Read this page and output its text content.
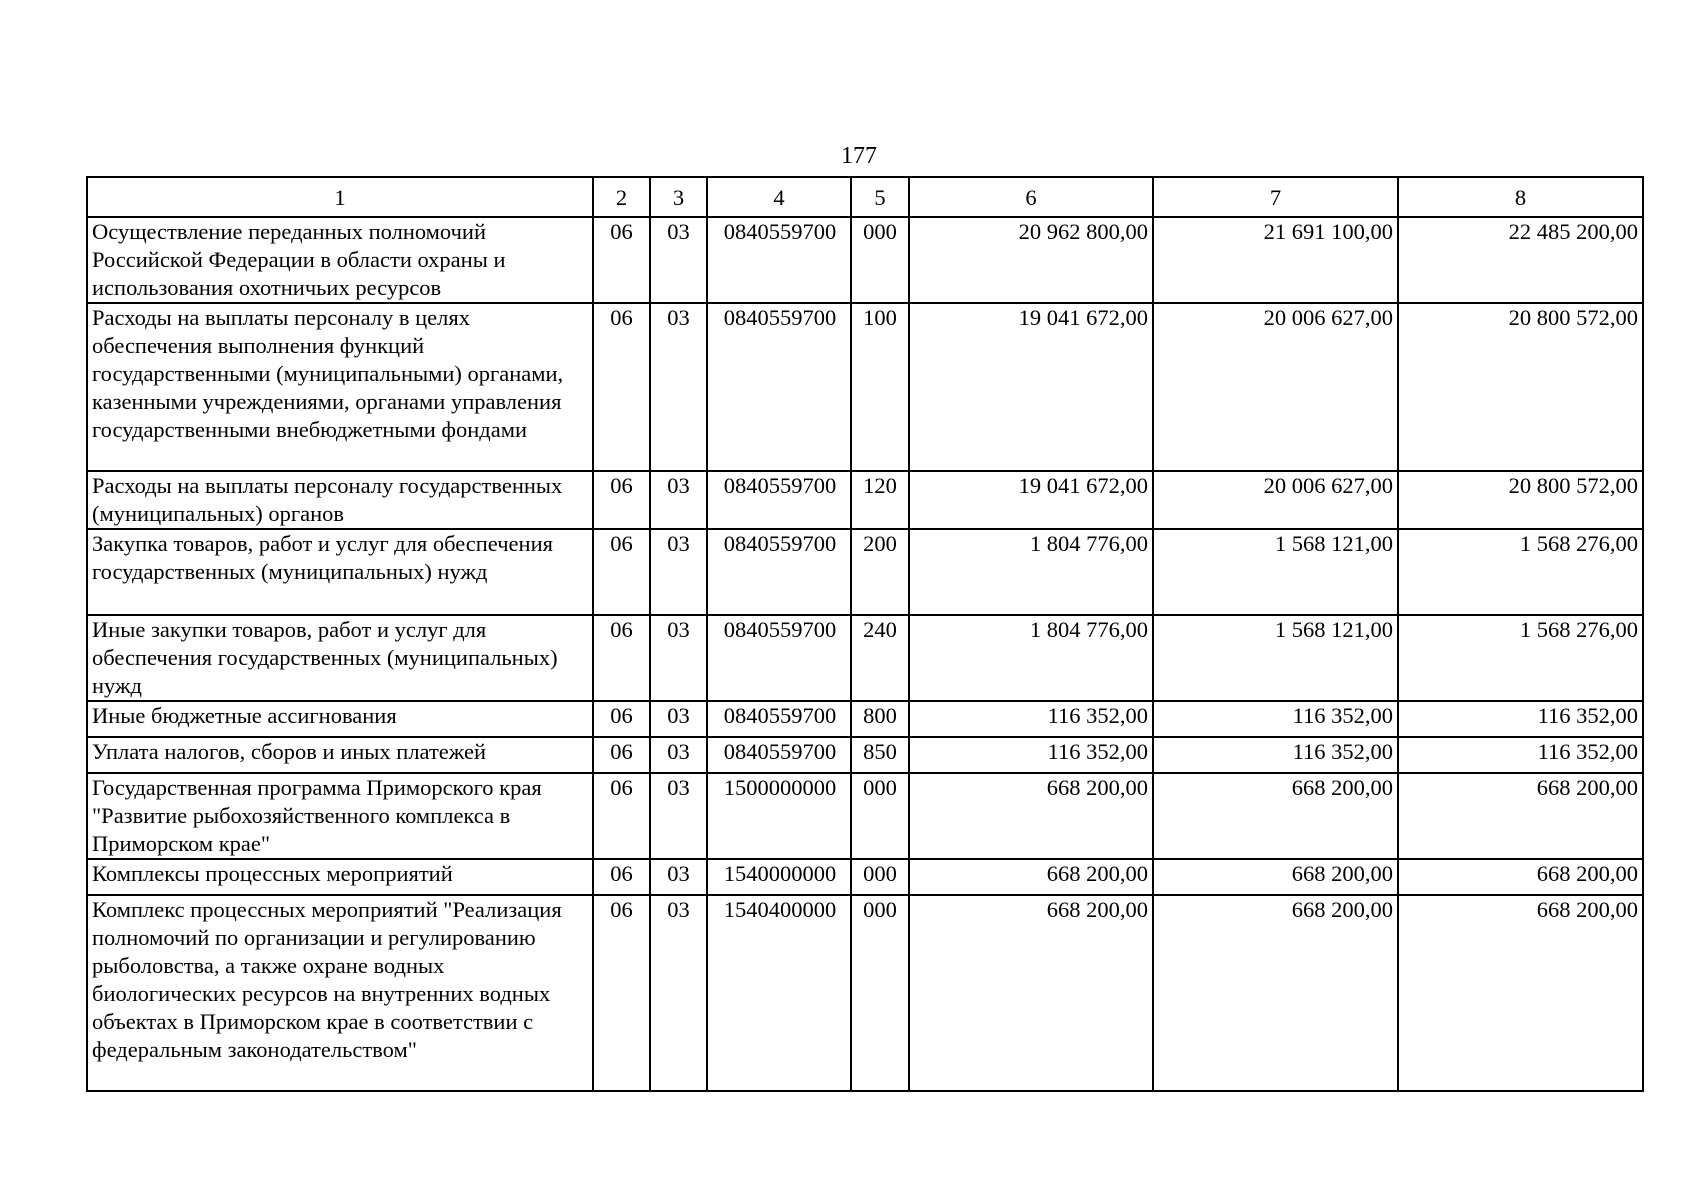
177
1	2	3	4	5	6	7	8
Осуществление переданных полномочий Российской Федерации в области охраны и использования охотничьих ресурсов	06	03	0840559700	000	20 962 800,00	21 691 100,00	22 485 200,00
Расходы на выплаты персоналу в целях обеспечения выполнения функций государственными (муниципальными) органами, казенными учреждениями, органами управления государственными внебюджетными фондами	06	03	0840559700	100	19 041 672,00	20 006 627,00	20 800 572,00
Расходы на выплаты персоналу государственных (муниципальных) органов	06	03	0840559700	120	19 041 672,00	20 006 627,00	20 800 572,00
Закупка товаров, работ и услуг для обеспечения государственных (муниципальных) нужд	06	03	0840559700	200	1 804 776,00	1 568 121,00	1 568 276,00
Иные закупки товаров, работ и услуг для обеспечения государственных (муниципальных) нужд	06	03	0840559700	240	1 804 776,00	1 568 121,00	1 568 276,00
Иные бюджетные ассигнования	06	03	0840559700	800	116 352,00	116 352,00	116 352,00
Уплата налогов, сборов и иных платежей	06	03	0840559700	850	116 352,00	116 352,00	116 352,00
Государственная программа Приморского края "Развитие рыбохозяйственного комплекса в Приморском крае"	06	03	1500000000	000	668 200,00	668 200,00	668 200,00
Комплексы процессных мероприятий	06	03	1540000000	000	668 200,00	668 200,00	668 200,00
Комплекс процессных мероприятий "Реализация полномочий по организации и регулированию рыболовства, а также охране водных биологических ресурсов на внутренних водных объектах в Приморском крае в соответствии с федеральным законодательством"	06	03	1540400000	000	668 200,00	668 200,00	668 200,00
